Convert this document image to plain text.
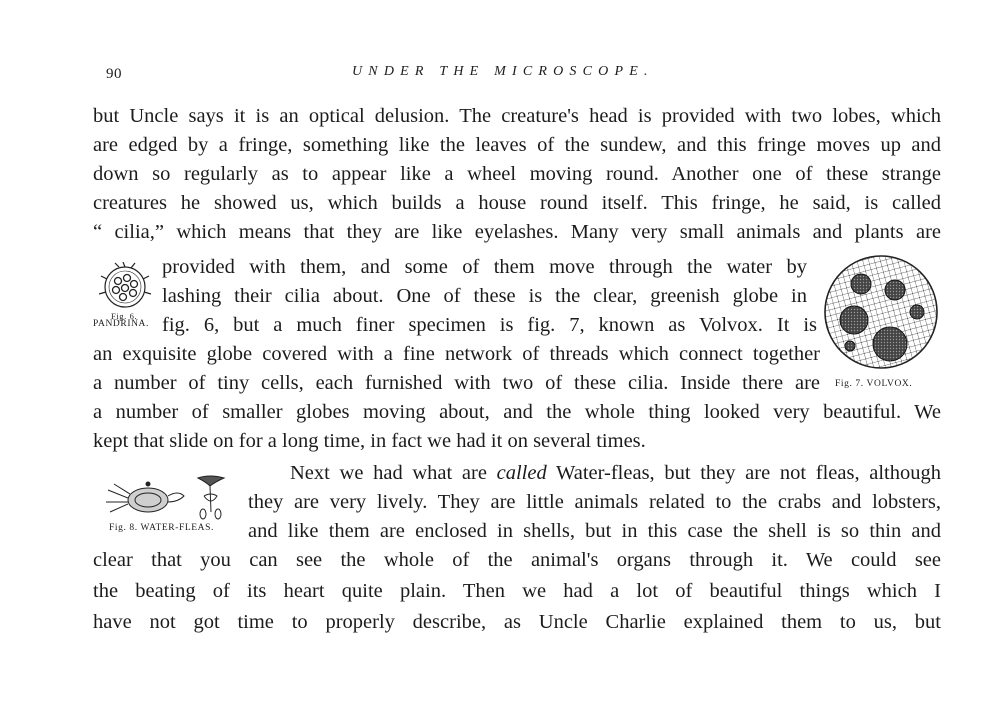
90	UNDER THE MICROSCOPE.
but Uncle says it is an optical delusion. The creature's head is provided with two lobes, which
are edged by a fringe, something like the leaves of the sundew, and this fringe moves up and
down so regularly as to appear like a wheel moving round. Another one of these strange
creatures he showed us, which builds a house round itself. This fringe, he said, is called
“ cilia,” which means that they are like eyelashes. Many very small animals and plants are
provided with them, and some of them move through the water by
lashing their cilia about. One of these is the clear, greenish globe in
fig. 6, but a much finer specimen is fig. 7, known as Volvox. It is
an exquisite globe covered with a fine network of threads which connect together
a number of tiny cells, each furnished with two of these cilia. Inside there are
a number of smaller globes moving about, and the whole thing looked very beautiful. We
kept that slide on for a long time, in fact we had it on several times.
Next we had what are called Water-fleas, but they are not fleas, although
they are very lively. They are little animals related to the crabs and lobsters,
and like them are enclosed in shells, but in this case the shell is so thin and
clear that you can see the whole of the animal's organs through it. We could see
the beating of its heart quite plain. Then we had a lot of beautiful things which I
have not got time to properly describe, as Uncle Charlie explained them to us, but
Fig. 6.
PANDRINA.
Fig. 7. VOLVOX.
Fig. 8. WATER-FLEAS.
